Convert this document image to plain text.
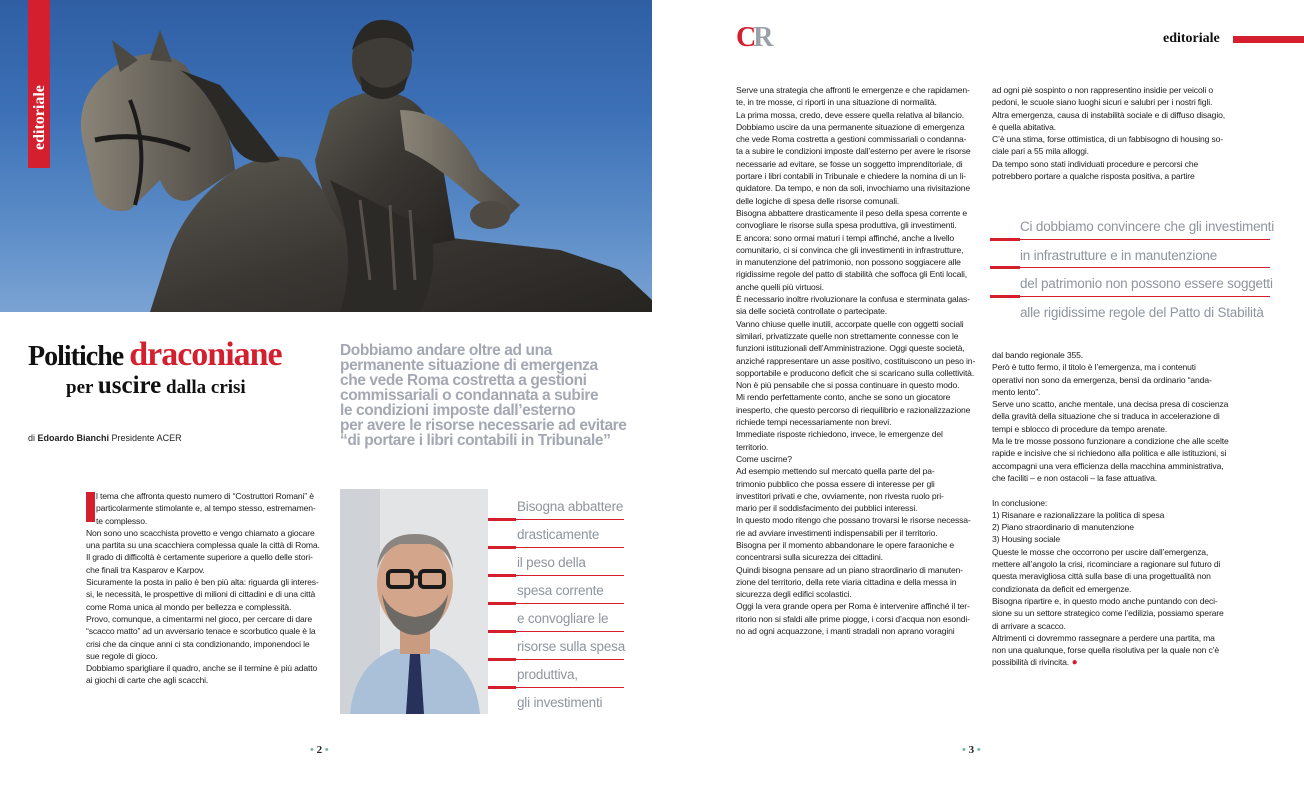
editoriale
Politiche draconiane
per uscire dalla crisi
di Edoardo Bianchi Presidente ACER
Dobbiamo andare oltre ad una
permanente situazione di emergenza
che vede Roma costretta a gestioni
commissariali o condannata a subire
le condizioni imposte dall’esterno
per avere le risorse necessarie ad evitare
“di portare i libri contabili in Tribunale”
l tema che affronta questo numero di “Costruttori Romani” è
particolarmente stimolante e, al tempo stesso, estremamen-
te complesso.
Non sono uno scacchista provetto e vengo chiamato a giocare
una partita su una scacchiera complessa quale la città di Roma.
Il grado di difficoltà è certamente superiore a quello delle stori-
che finali tra Kasparov e Karpov.
Sicuramente la posta in palio è ben più alta: riguarda gli interes-
si, le necessità, le prospettive di milioni di cittadini e di una città
come Roma unica al mondo per bellezza e complessità.
Provo, comunque, a cimentarmi nel gioco, per cercare di dare
“scacco matto” ad un avversario tenace e scorbutico quale è la
crisi che da cinque anni ci sta condizionando, imponendoci le
sue regole di gioco.
Dobbiamo sparigliare il quadro, anche se il termine è più adatto
ai giochi di carte che agli scacchi.
Bisogna abbattere
drasticamente
il peso della
spesa corrente
e convogliare le
risorse sulla spesa
produttiva,
gli investimenti
• 2 •
CR	editoriale
Serve una strategia che affronti le emergenze e che rapidamen-
te, in tre mosse, ci riporti in una situazione di normalità.
La prima mossa, credo, deve essere quella relativa al bilancio.
Dobbiamo uscire da una permanente situazione di emergenza
che vede Roma costretta a gestioni commissariali o condanna-
ta a subire le condizioni imposte dall’esterno per avere le risorse
necessarie ad evitare, se fosse un soggetto imprenditoriale, di
portare i libri contabili in Tribunale e chiedere la nomina di un li-
quidatore. Da tempo, e non da soli, invochiamo una rivisitazione
delle logiche di spesa delle risorse comunali.
Bisogna abbattere drasticamente il peso della spesa corrente e
convogliare le risorse sulla spesa produttiva, gli investimenti.
E ancora: sono ormai maturi i tempi affinché, anche a livello
comunitario, ci si convinca che gli investimenti in infrastrutture,
in manutenzione del patrimonio, non possono soggiacere alle
rigidissime regole del patto di stabilità che soffoca gli Enti locali,
anche quelli più virtuosi.
È necessario inoltre rivoluzionare la confusa e sterminata galas-
sia delle società controllate o partecipate.
Vanno chiuse quelle inutili, accorpate quelle con oggetti sociali
similari, privatizzate quelle non strettamente connesse con le
funzioni istituzionali dell’Amministrazione. Oggi queste società,
anziché rappresentare un asse positivo, costituiscono un peso in-
sopportabile e producono deficit che si scaricano sulla collettività.
Non è più pensabile che si possa continuare in questo modo.
Mi rendo perfettamente conto, anche se sono un giocatore
inesperto, che questo percorso di riequilibrio e razionalizzazione
richiede tempi necessariamente non brevi.
Immediate risposte richiedono, invece, le emergenze del
territorio.
Come uscirne?
Ad esempio mettendo sul mercato quella parte del pa-
trimonio pubblico che possa essere di interesse per gli
investitori privati e che, ovviamente, non rivesta ruolo pri-
mario per il soddisfacimento dei pubblici interessi.
In questo modo ritengo che possano trovarsi le risorse necessa-
rie ad avviare investimenti indispensabili per il territorio.
Bisogna per il momento abbandonare le opere faraoniche e
concentrarsi sulla sicurezza dei cittadini.
Quindi bisogna pensare ad un piano straordinario di manuten-
zione del territorio, della rete viaria cittadina e della messa in
sicurezza degli edifici scolastici.
Oggi la vera grande opera per Roma è intervenire affinché il ter-
ritorio non si sfaldi alle prime piogge, i corsi d’acqua non esondi-
no ad ogni acquazzone, i manti stradali non aprano voragini
ad ogni piè sospinto o non rappresentino insidie per veicoli o
pedoni, le scuole siano luoghi sicuri e salubri per i nostri figli.
Altra emergenza, causa di instabilità sociale e di diffuso disagio,
è quella abitativa.
C’è una stima, forse ottimistica, di un fabbisogno di housing so-
ciale pari a 55 mila alloggi.
Da tempo sono stati individuati procedure e percorsi che
potrebbero portare a qualche risposta positiva, a partire
Ci dobbiamo convincere che gli investimenti
in infrastrutture e in manutenzione
del patrimonio non possono essere soggetti
alle rigidissime regole del Patto di Stabilità
dal bando regionale 355.
Però è tutto fermo, il titolo è l’emergenza, ma i contenuti
operativi non sono da emergenza, bensì da ordinario “anda-
mento lento”.
Serve uno scatto, anche mentale, una decisa presa di coscienza
della gravità della situazione che si traduca in accelerazione di
tempi e sblocco di procedure da tempo arenate.
Ma le tre mosse possono funzionare a condizione che alle scelte
rapide e incisive che si richiedono alla politica e alle istituzioni, si
accompagni una vera efficienza della macchina amministrativa,
che faciliti – e non ostacoli – la fase attuativa.

In conclusione:
1) Risanare e razionalizzare la politica di spesa
2) Piano straordinario di manutenzione
3) Housing sociale
Queste le mosse che occorrono per uscire dall’emergenza,
mettere all’angolo la crisi, ricominciare a ragionare sul futuro di
questa meravigliosa città sulla base di una progettualità non
condizionata da deficit ed emergenze.
Bisogna ripartire e, in questo modo anche puntando con deci-
sione su un settore strategico come l’edilizia, possiamo sperare
di arrivare a scacco.
Altrimenti ci dovremmo rassegnare a perdere una partita, ma
non una qualunque, forse quella risolutiva per la quale non c’è
possibilità di rivincita. ●
• 3 •
